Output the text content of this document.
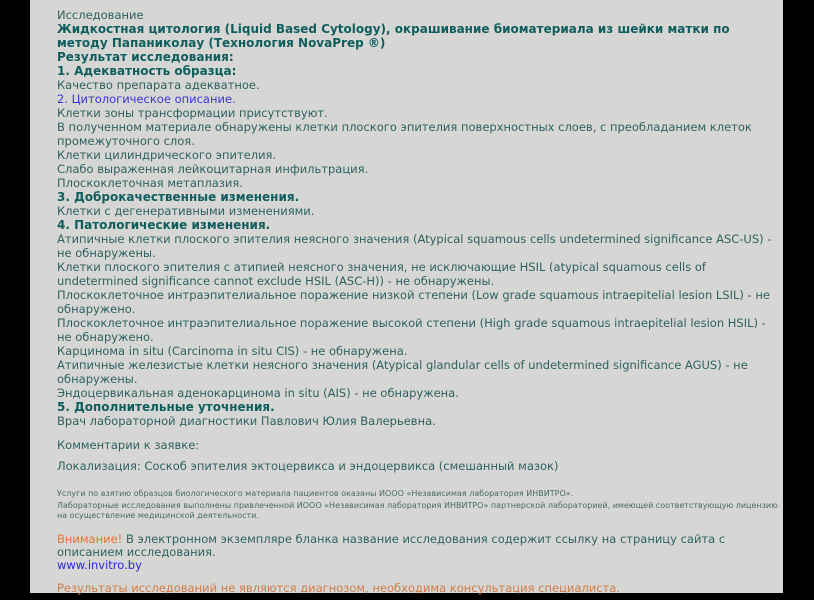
Исследование
Жидкостная цитология (Liquid Based Cytology), окрашивание биоматериала из шейки матки по методу Папаниколау (Технология NovaPrep ®)
Результат исследования:
1. Адекватность образца:
Качество препарата адекватное.
2. Цитологическое описание.
Клетки зоны трансформации присутствуют.
В полученном материале обнаружены клетки плоского эпителия поверхностных слоев, с преобладанием клеток промежуточного слоя.
Клетки цилиндрического эпителия.
Слабо выраженная лейкоцитарная инфильтрация.
Плоскоклеточная метаплазия.
3. Доброкачественные изменения.
Клетки с дегенеративными изменениями.
4. Патологические изменения.
Атипичные клетки плоского эпителия неясного значения (Atypical squamous cells undetermined significance ASC-US) - не обнаружены.
Клетки плоского эпителия с атипией неясного значения, не исключающие HSIL (atypical squamous cells of undetermined significance cannot exclude HSIL (ASC-H)) - не обнаружены.
Плоскоклеточное интраэпителиальное поражение низкой степени (Low grade squamous intraepitelial lesion LSIL) - не обнаружено.
Плоскоклеточное интраэпителиальное поражение высокой степени (High grade squamous intraepitelial lesion HSIL) - не обнаружено.
Карцинома in situ (Carcinoma in situ CIS) - не обнаружена.
Атипичные железистые клетки неясного значения (Atypical glandular cells of undetermined significance AGUS) - не обнаружены.
Эндоцервикальная аденокарцинома in situ (AIS) - не обнаружена.
5. Дополнительные уточнения.
Врач лабораторной диагностики Павлович Юлия Валерьевна.
Комментарии к заявке:
Локализация: Соскоб эпителия эктоцервикса и эндоцервикса (смешанный мазок)
Услуги по взятию образцов биологического материала пациентов оказаны ИООО «Независимая лаборатория ИНВИТРО».
Лабораторные исследования выполнены привлеченной ИООО «Независимая лаборатория ИНВИТРО» партнерской лабораторией, имеющей соответствующую лицензию на осуществление медицинской деятельности.
Внимание! В электронном экземпляре бланка название исследования содержит ссылку на страницу сайта с описанием исследования.
www.invitro.by
Результаты исследований не являются диагнозом, необходима консультация специалиста.
